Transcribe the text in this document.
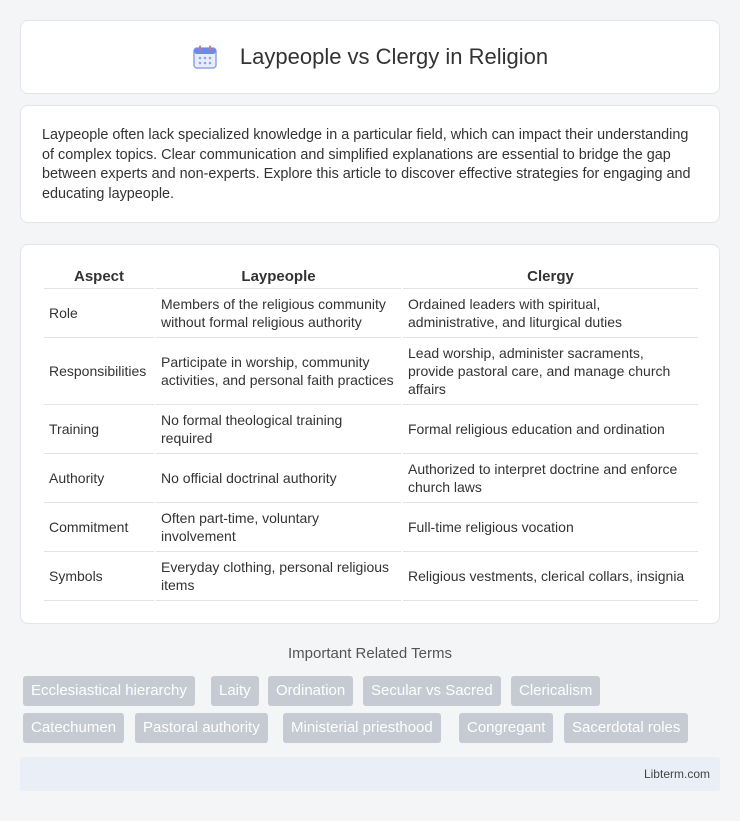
Laypeople vs Clergy in Religion

Laypeople often lack specialized knowledge in a particular field, which can impact their understanding of complex topics. Clear communication and simplified explanations are essential to bridge the gap between experts and non-experts. Explore this article to discover effective strategies for engaging and educating laypeople.

Aspect	Laypeople	Clergy
Role	Members of the religious community without formal religious authority	Ordained leaders with spiritual, administrative, and liturgical duties
Responsibilities	Participate in worship, community activities, and personal faith practices	Lead worship, administer sacraments, provide pastoral care, and manage church affairs
Training	No formal theological training required	Formal religious education and ordination
Authority	No official doctrinal authority	Authorized to interpret doctrine and enforce church laws
Commitment	Often part-time, voluntary involvement	Full-time religious vocation
Symbols	Everyday clothing, personal religious items	Religious vestments, clerical collars, insignia
Important Related Terms
Ecclesiastical hierarchy	Laity	Ordination	Secular vs Sacred	Clericalism
Catechumen	Pastoral authority	Ministerial priesthood	Congregant	Sacerdotal roles
Libterm.com
